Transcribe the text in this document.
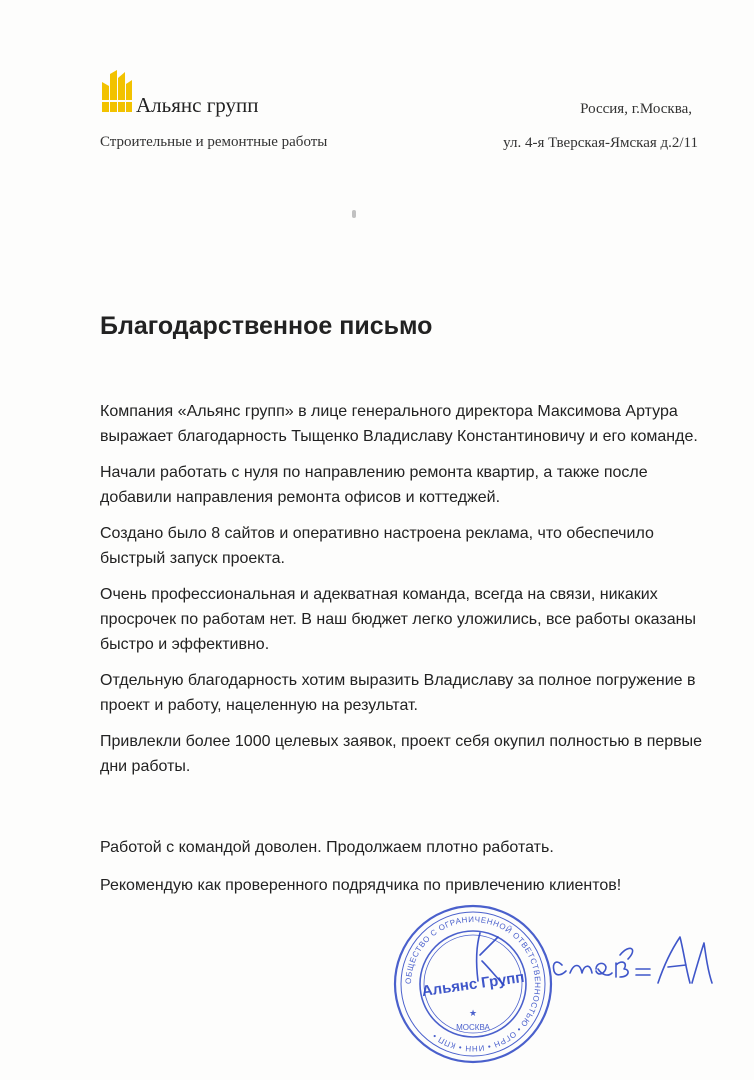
Альянс групп
Строительные и ремонтные работы
Россия, г.Москва,
ул. 4-я Тверская-Ямская д.2/11
Благодарственное письмо

Компания «Альянс групп» в лице генерального директора Максимова Артура выражает благодарность Тыщенко Владиславу Константиновичу и его команде.

Начали работать с нуля по направлению ремонта квартир, а также после добавили направления ремонта офисов и коттеджей.

Создано было 8 сайтов и оперативно настроена реклама, что обеспечило быстрый запуск проекта.

Очень профессиональная и адекватная команда, всегда на связи, никаких просрочек по работам нет. В наш бюджет легко уложились, все работы оказаны быстро и эффективно.

Отдельную благодарность хотим выразить Владиславу за полное погружение в проект и работу, нацеленную на результат.

Привлекли более 1000 целевых заявок, проект себя окупил полностью в первые дни работы.

Работой с командой доволен. Продолжаем плотно работать.

Рекомендую как проверенного подрядчика по привлечению клиентов!

ОБЩЕСТВО С ОГРАНИЧЕННОЙ ОТВЕТСТВЕННОСТЬЮ • ОГРН • ИНН • КПП •
Альянс Групп
МОСКВА
★
